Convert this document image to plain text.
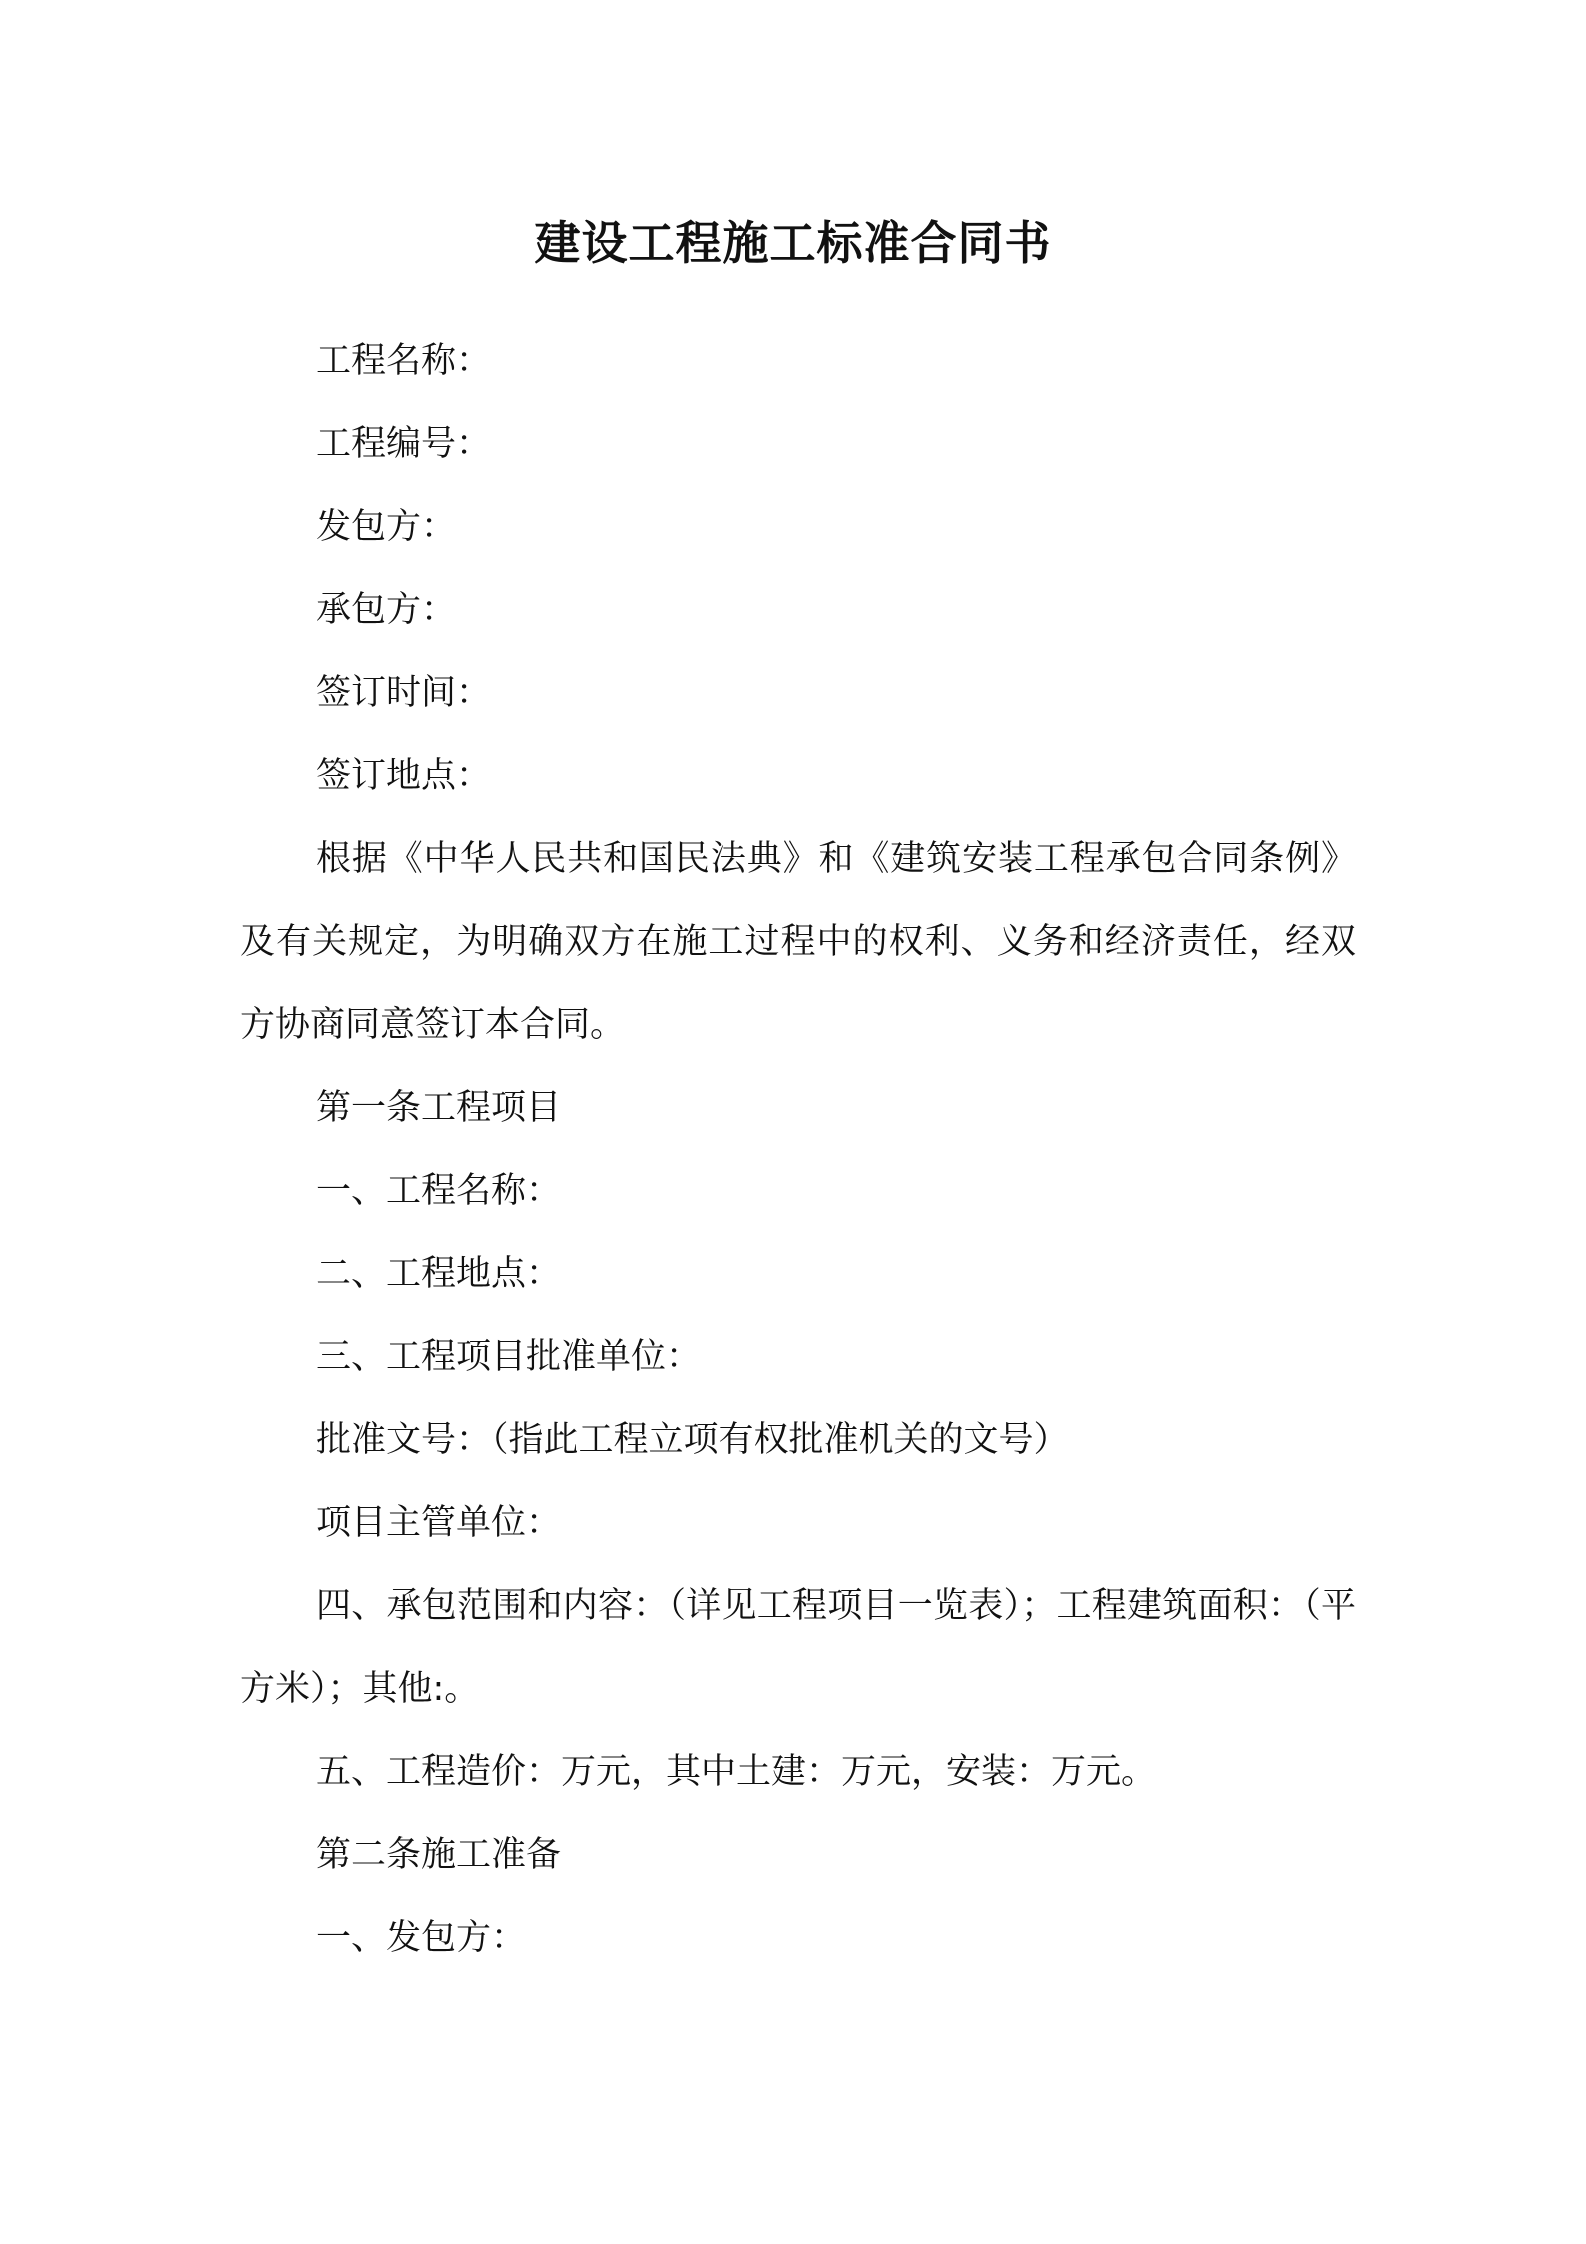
建设工程施工标准合同书
工程名称：
工程编号：
发包方：
承包方：
签订时间：
签订地点：

根据《中华人民共和国民法典》和《建筑安装工程承包合同条例》及有关规定，为明确双方在施工过程中的权利、义务和经济责任，经双方协商同意签订本合同。

第一条工程项目
一、工程名称：
二、工程地点：
三、工程项目批准单位：
批准文号：（指此工程立项有权批准机关的文号）
项目主管单位：

四、承包范围和内容：（详见工程项目一览表）；工程建筑面积：（平方米）；其他:。

五、工程造价：万元，其中土建：万元，安装：万元。
第二条施工准备
一、发包方：
